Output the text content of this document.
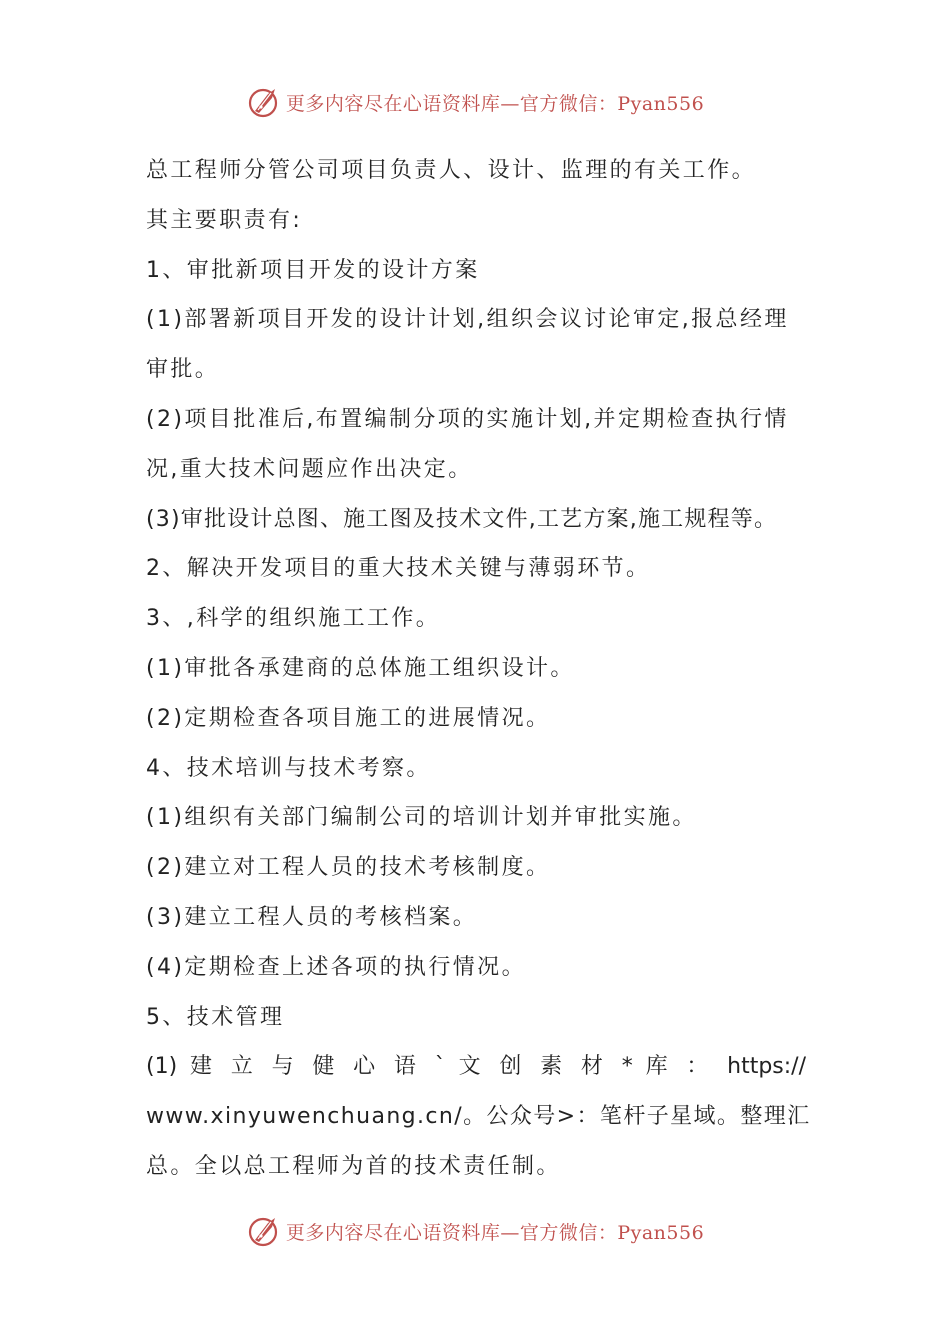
更多内容尽在心语资料库—官方微信：Pyan556
总工程师分管公司项目负责人、设计、监理的有关工作。
其主要职责有:
1、审批新项目开发的设计方案
(1)部署新项目开发的设计计划,组织会议讨论审定,报总经理
审批。
(2)项目批准后,布置编制分项的实施计划,并定期检查执行情
况,重大技术问题应作出决定。
(3)审批设计总图、施工图及技术文件,工艺方案,施工规程等。
2、解决开发项目的重大技术关键与薄弱环节。
3、,科学的组织施工工作。
(1)审批各承建商的总体施工组织设计。
(2)定期检查各项目施工的进展情况。
4、技术培训与技术考察。
(1)组织有关部门编制公司的培训计划并审批实施。
(2)建立对工程人员的技术考核制度。
(3)建立工程人员的考核档案。
(4)定期检查上述各项的执行情况。
5、技术管理
(1) 建 立 与 健 心 语 ` 文 创 素 材 * 库 ： https://
www.xinyuwenchuang.cn/。公众号>：笔杆子星域。整理汇
总。全以总工程师为首的技术责任制。
更多内容尽在心语资料库—官方微信：Pyan556
